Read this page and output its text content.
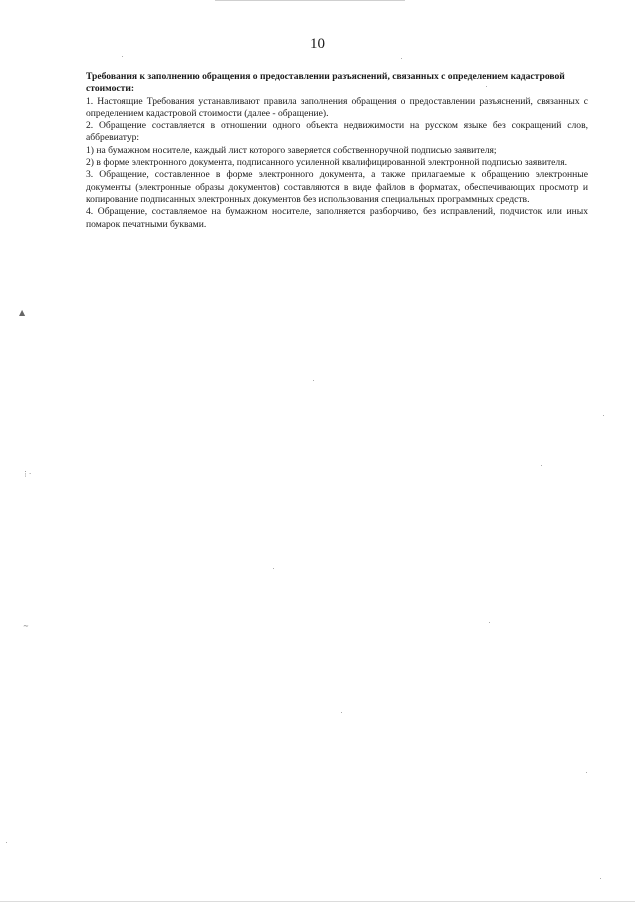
10
Требования к заполнению обращения о предоставлении разъяснений, связанных с определением кадастровой стоимости:
1. Настоящие Требования устанавливают правила заполнения обращения о предоставлении разъяснений, связанных с определением кадастровой стоимости (далее - обращение).
2. Обращение составляется в отношении одного объекта недвижимости на русском языке без сокращений слов, аббревиатур:
1) на бумажном носителе, каждый лист которого заверяется собственноручной подписью заявителя;
2) в форме электронного документа, подписанного усиленной квалифицированной электронной подписью заявителя.
3. Обращение, составленное в форме электронного документа, а также прилагаемые к обращению электронные документы (электронные образы документов) составляются в виде файлов в форматах, обеспечивающих просмотр и копирование подписанных электронных документов без использования специальных программных средств.
4. Обращение, составляемое на бумажном носителе, заполняется разборчиво, без исправлений, подчисток или иных помарок печатными буквами.
▲
⋮·
∼
